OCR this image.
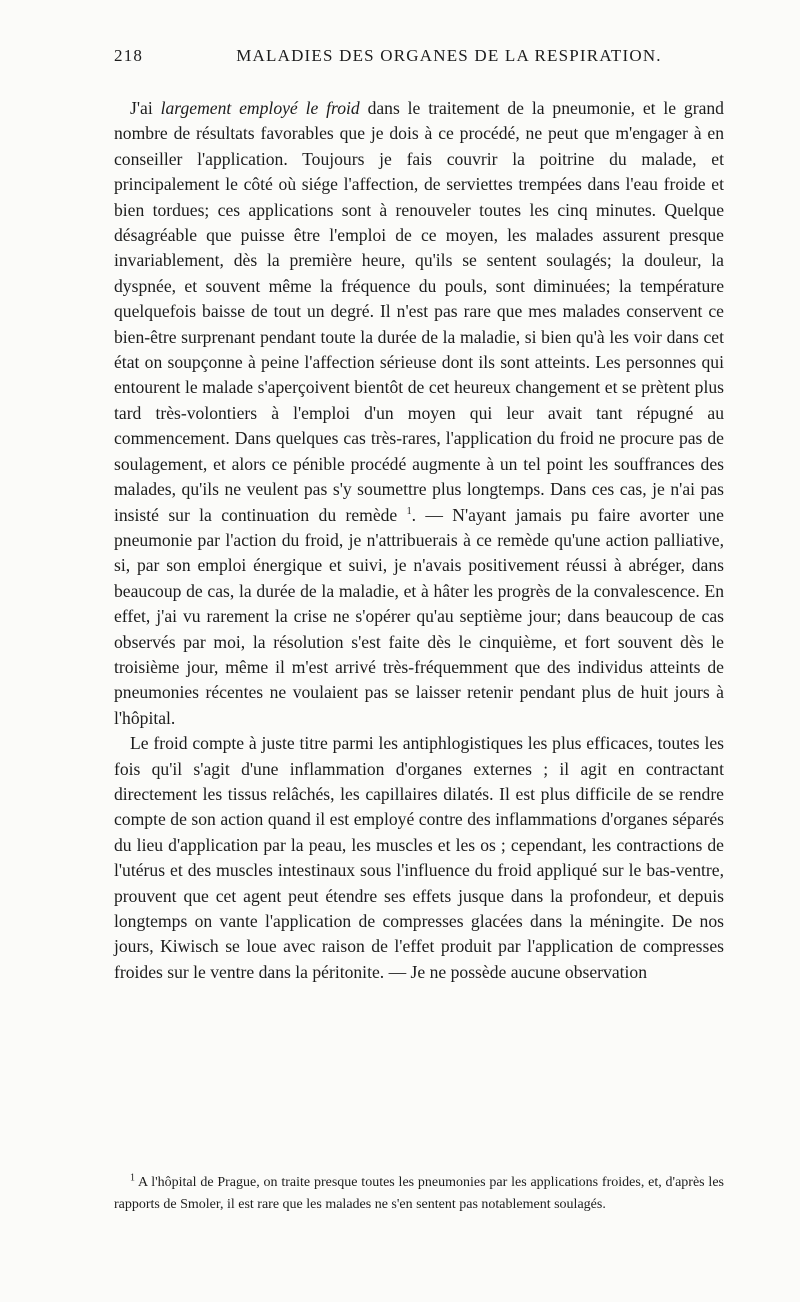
218	MALADIES DES ORGANES DE LA RESPIRATION.

J'ai largement employé le froid dans le traitement de la pneumonie, et le grand nombre de résultats favorables que je dois à ce procédé, ne peut que m'engager à en conseiller l'application. Toujours je fais couvrir la poitrine du malade, et principalement le côté où siége l'affection, de serviettes trempées dans l'eau froide et bien tordues; ces applications sont à renouveler toutes les cinq minutes. Quelque désagréable que puisse être l'emploi de ce moyen, les malades assurent presque invariablement, dès la première heure, qu'ils se sentent soulagés; la douleur, la dyspnée, et souvent même la fréquence du pouls, sont diminuées; la température quelquefois baisse de tout un degré. Il n'est pas rare que mes malades conservent ce bien-être surprenant pendant toute la durée de la maladie, si bien qu'à les voir dans cet état on soupçonne à peine l'affection sérieuse dont ils sont atteints. Les personnes qui entourent le malade s'aperçoivent bientôt de cet heureux changement et se prètent plus tard très-volontiers à l'emploi d'un moyen qui leur avait tant répugné au commencement. Dans quelques cas très-rares, l'application du froid ne procure pas de soulagement, et alors ce pénible procédé augmente à un tel point les souffrances des malades, qu'ils ne veulent pas s'y soumettre plus longtemps. Dans ces cas, je n'ai pas insisté sur la continuation du remède $^1$. — N'ayant jamais pu faire avorter une pneumonie par l'action du froid, je n'attribuerais à ce remède qu'une action palliative, si, par son emploi énergique et suivi, je n'avais positivement réussi à abréger, dans beaucoup de cas, la durée de la maladie, et à hâter les progrès de la convalescence. En effet, j'ai vu rarement la crise ne s'opérer qu'au septième jour; dans beaucoup de cas observés par moi, la résolution s'est faite dès le cinquième, et fort souvent dès le troisième jour, même il m'est arrivé très-fréquemment que des individus atteints de pneumonies récentes ne voulaient pas se laisser retenir pendant plus de huit jours à l'hôpital.

Le froid compte à juste titre parmi les antiphlogistiques les plus efficaces, toutes les fois qu'il s'agit d'une inflammation d'organes externes ; il agit en contractant directement les tissus relâchés, les capillaires dilatés. Il est plus difficile de se rendre compte de son action quand il est employé contre des inflammations d'organes séparés du lieu d'application par la peau, les muscles et les os ; cependant, les contractions de l'utérus et des muscles intestinaux sous l'influence du froid appliqué sur le bas-ventre, prouvent que cet agent peut étendre ses effets jusque dans la profondeur, et depuis longtemps on vante l'application de compresses glacées dans la méningite. De nos jours, Kiwisch se loue avec raison de l'effet produit par l'application de compresses froides sur le ventre dans la péritonite. — Je ne possède aucune observation

$^1$ A l'hôpital de Prague, on traite presque toutes les pneumonies par les applications froides, et, d'après les rapports de Smoler, il est rare que les malades ne s'en sentent pas notablement soulagés.
